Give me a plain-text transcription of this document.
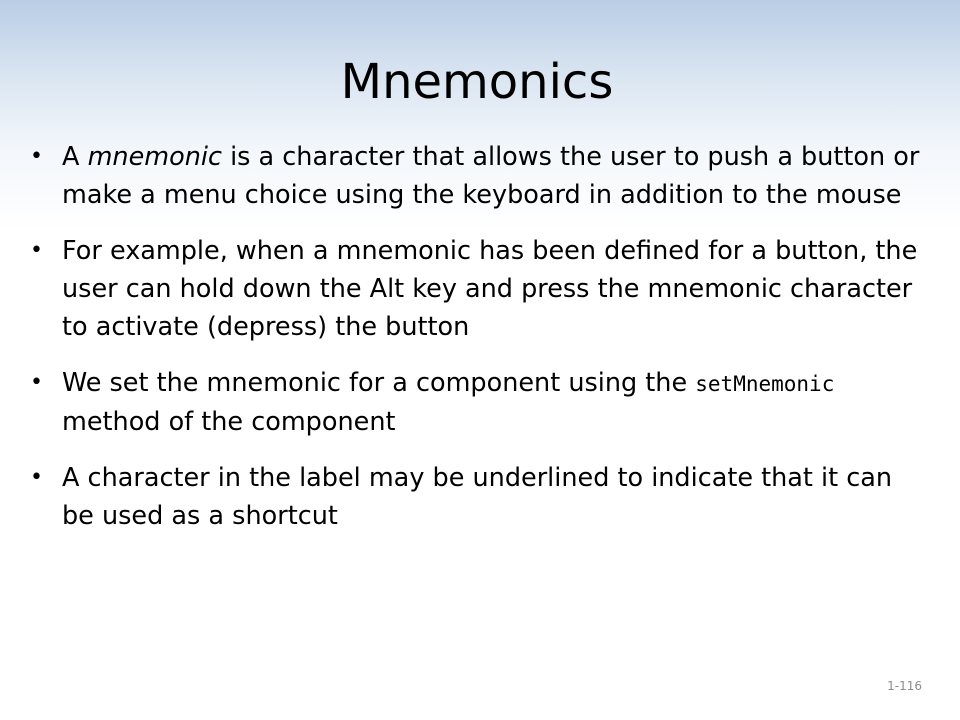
Mnemonics
• A mnemonic is a character that allows the user to push a button or make a menu choice using the keyboard in addition to the mouse
• For example, when a mnemonic has been defined for a button, the user can hold down the Alt key and press the mnemonic character to activate (depress) the button
• We set the mnemonic for a component using the setMnemonic method of the component
• A character in the label may be underlined to indicate that it can be used as a shortcut
1-116
